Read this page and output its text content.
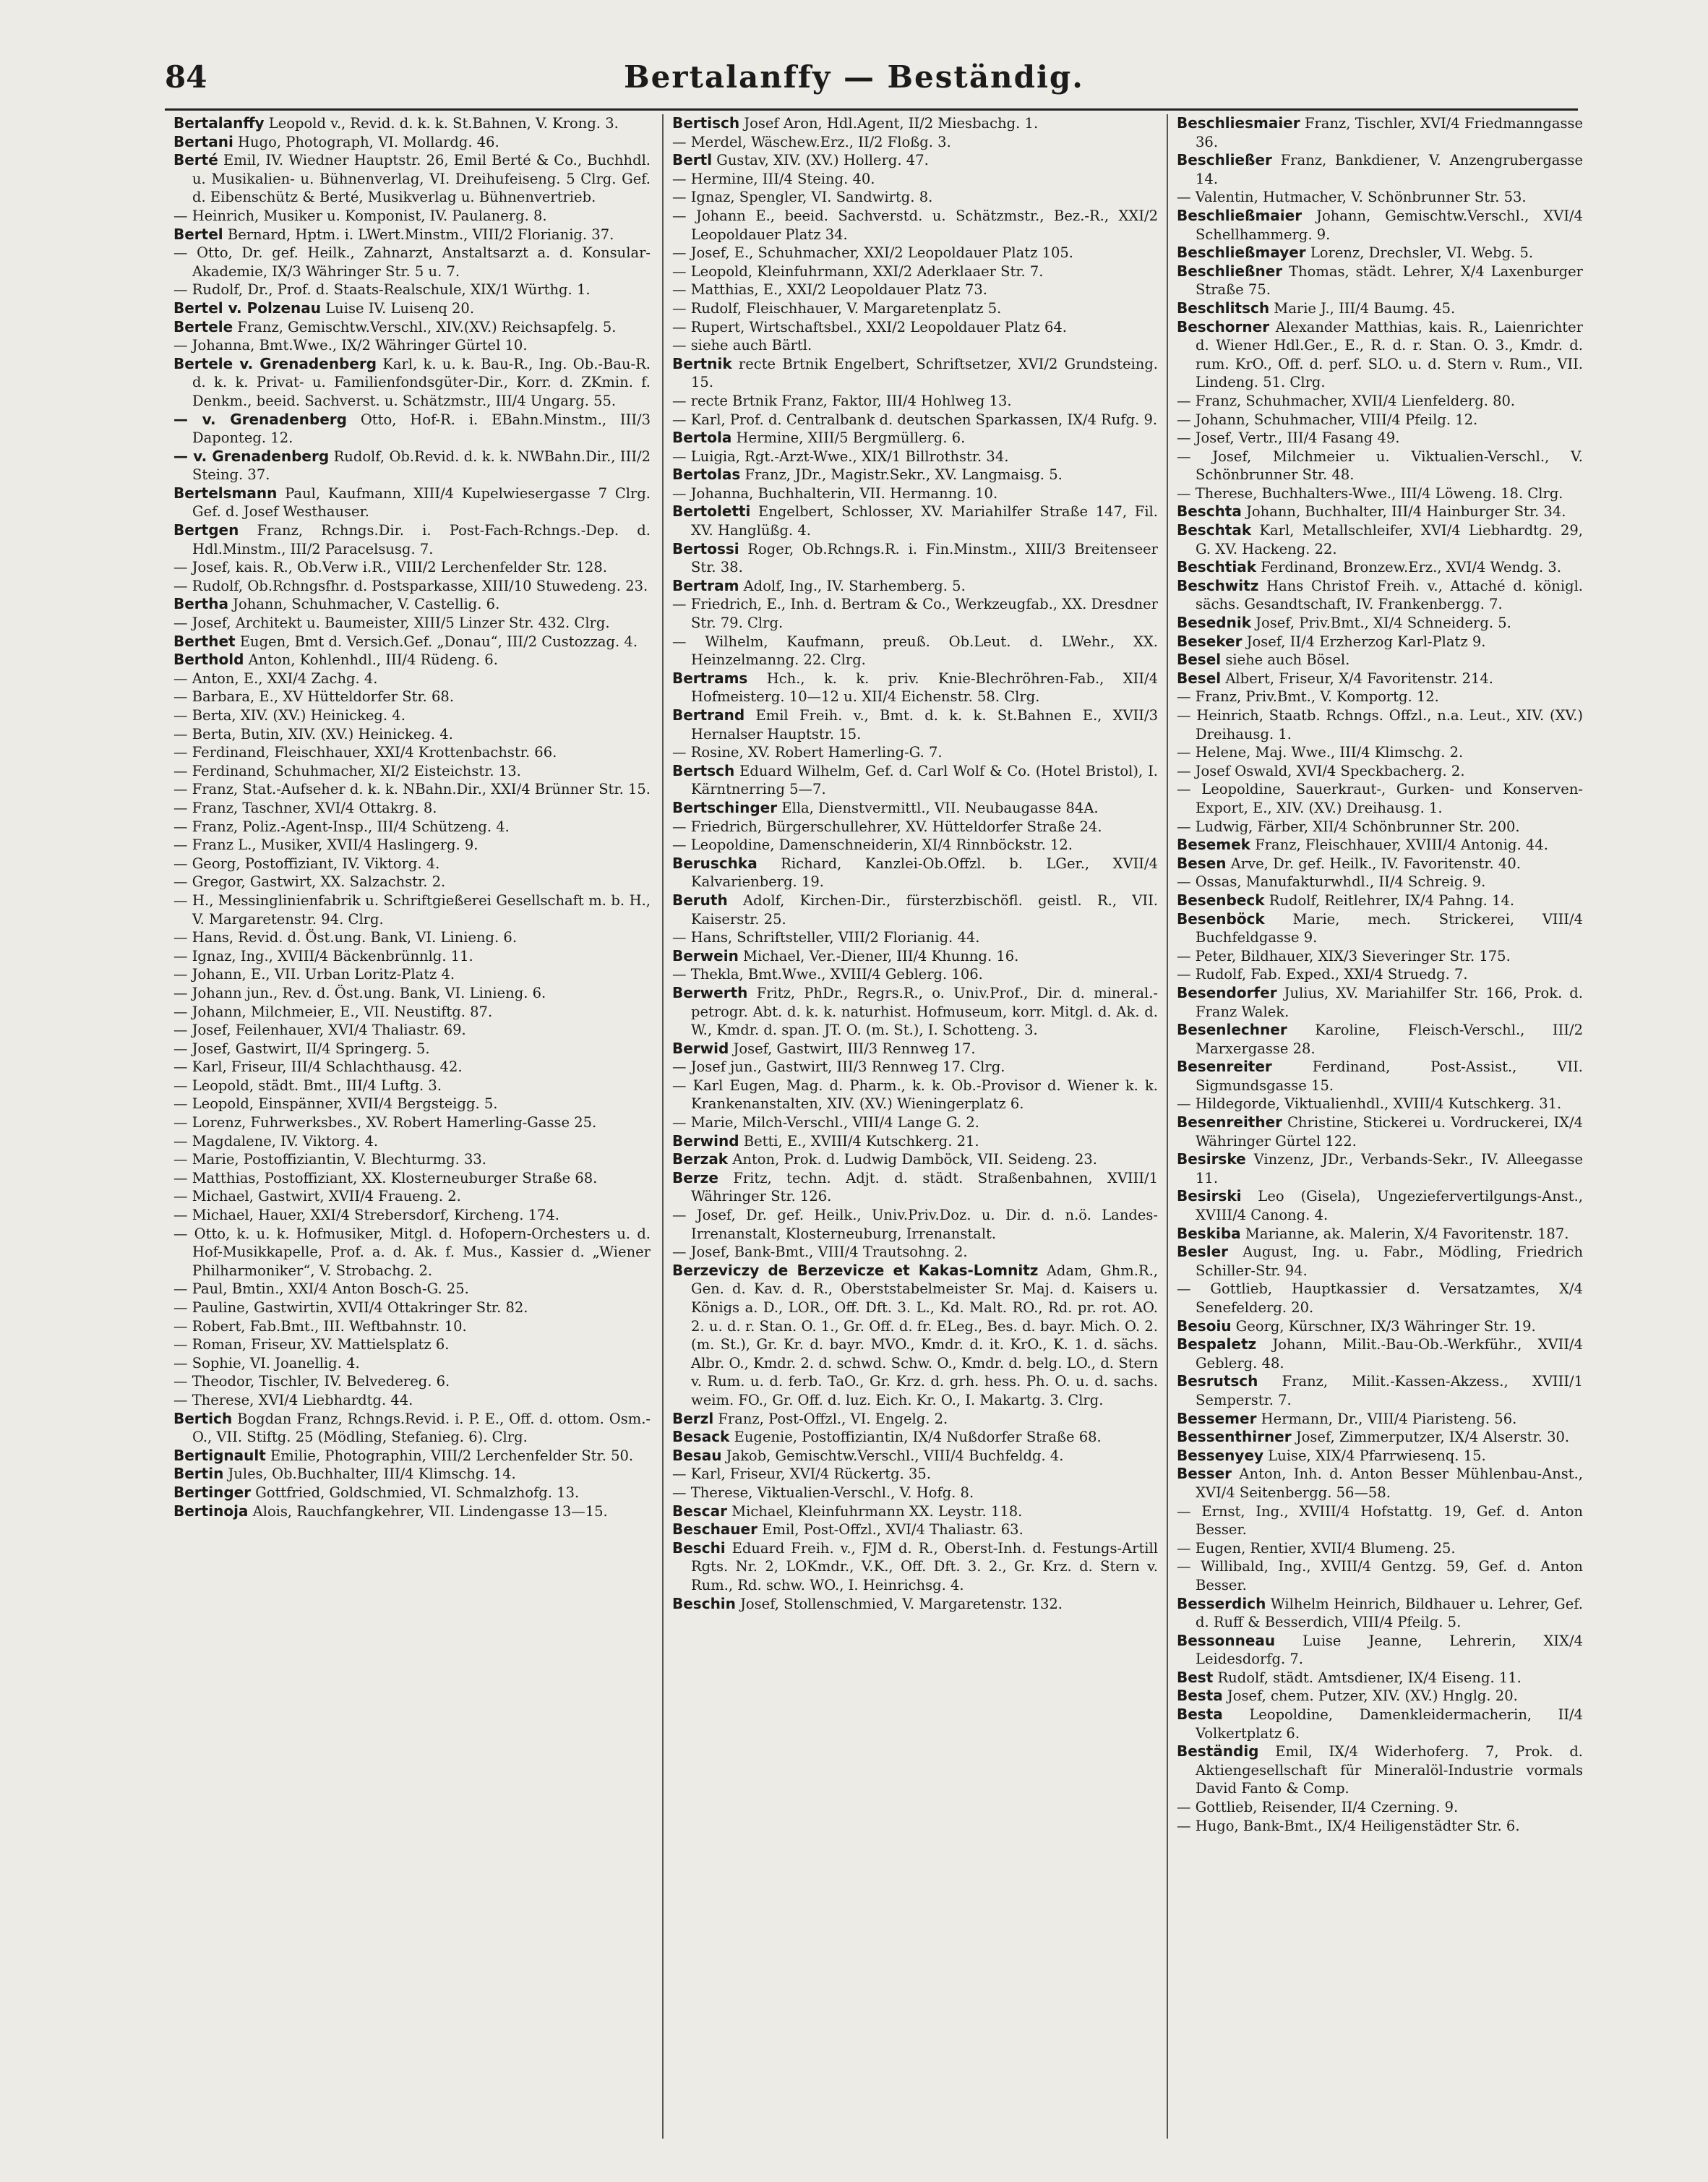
84	Bertalanffy — Beständig.

Bertalanffy Leopold v., Revid. d. k. k. St.Bahnen, V. Krong. 3.

Bertani Hugo, Photograph, VI. Mollardg. 46.

Berté Emil, IV. Wiedner Hauptstr. 26, Emil Berté & Co., Buchhdl. u. Musikalien- u. Bühnenverlag, VI. Dreihufeiseng. 5 Clrg. Gef. d. Eibenschütz & Berté, Musikverlag u. Bühnenvertrieb.

— Heinrich, Musiker u. Komponist, IV. Paulanerg. 8.

Bertel Bernard, Hptm. i. LWert.Minstm., VIII/2 Florianig. 37.

— Otto, Dr. gef. Heilk., Zahnarzt, Anstaltsarzt a. d. Konsular-Akademie, IX/3 Währinger Str. 5 u. 7.

— Rudolf, Dr., Prof. d. Staats-Realschule, XIX/1 Würthg. 1.

Bertel v. Polzenau Luise IV. Luisenq 20.

Bertele Franz, Gemischtw.Verschl., XIV.(XV.) Reichsapfelg. 5.

— Johanna, Bmt.Wwe., IX/2 Währinger Gürtel 10.

Bertele v. Grenadenberg Karl, k. u. k. Bau-R., Ing. Ob.-Bau-R. d. k. k. Privat- u. Familienfondsgüter-Dir., Korr. d. ZKmin. f. Denkm., beeid. Sachverst. u. Schätzmstr., III/4 Ungarg. 55.

— v. Grenadenberg Otto, Hof-R. i. EBahn.Minstm., III/3 Daponteg. 12.

— v. Grenadenberg Rudolf, Ob.Revid. d. k. k. NWBahn.Dir., III/2 Steing. 37.

Bertelsmann Paul, Kaufmann, XIII/4 Kupelwiesergasse 7 Clrg. Gef. d. Josef Westhauser.

Bertgen Franz, Rchngs.Dir. i. Post-Fach-Rchngs.-Dep. d. Hdl.Minstm., III/2 Paracelsusg. 7.

— Josef, kais. R., Ob.Verw i.R., VIII/2 Lerchenfelder Str. 128.

— Rudolf, Ob.Rchngsfhr. d. Postsparkasse, XIII/10 Stuwedeng. 23.

Bertha Johann, Schuhmacher, V. Castellig. 6.

— Josef, Architekt u. Baumeister, XIII/5 Linzer Str. 432. Clrg.

Berthet Eugen, Bmt d. Versich.Gef. „Donau“, III/2 Custozzag. 4.

Berthold Anton, Kohlenhdl., III/4 Rüdeng. 6.

— Anton, E., XXI/4 Zachg. 4.

— Barbara, E., XV Hütteldorfer Str. 68.

— Berta, XIV. (XV.) Heinickeg. 4.

— Berta, Butin, XIV. (XV.) Heinickeg. 4.

— Ferdinand, Fleischhauer, XXI/4 Krottenbachstr. 66.

— Ferdinand, Schuhmacher, XI/2 Eisteichstr. 13.

— Franz, Stat.-Aufseher d. k. k. NBahn.Dir., XXI/4 Brünner Str. 15.

— Franz, Taschner, XVI/4 Ottakrg. 8.

— Franz, Poliz.-Agent-Insp., III/4 Schützeng. 4.

— Franz L., Musiker, XVII/4 Haslingerg. 9.

— Georg, Postoffiziant, IV. Viktorg. 4.

— Gregor, Gastwirt, XX. Salzachstr. 2.

— H., Messinglinienfabrik u. Schriftgießerei Gesellschaft m. b. H., V. Margaretenstr. 94. Clrg.

— Hans, Revid. d. Öst.ung. Bank, VI. Linieng. 6.

— Ignaz, Ing., XVIII/4 Bäckenbrünnlg. 11.

— Johann, E., VII. Urban Loritz-Platz 4.

— Johann jun., Rev. d. Öst.ung. Bank, VI. Linieng. 6.

— Johann, Milchmeier, E., VII. Neustiftg. 87.

— Josef, Feilenhauer, XVI/4 Thaliastr. 69.

— Josef, Gastwirt, II/4 Springerg. 5.

— Karl, Friseur, III/4 Schlachthausg. 42.

— Leopold, städt. Bmt., III/4 Luftg. 3.

— Leopold, Einspänner, XVII/4 Bergsteigg. 5.

— Lorenz, Fuhrwerksbes., XV. Robert Hamerling-Gasse 25.

— Magdalene, IV. Viktorg. 4.

— Marie, Postoffiziantin, V. Blechturmg. 33.

— Matthias, Postoffiziant, XX. Klosterneuburger Straße 68.

— Michael, Gastwirt, XVII/4 Fraueng. 2.

— Michael, Hauer, XXI/4 Strebersdorf, Kircheng. 174.

— Otto, k. u. k. Hofmusiker, Mitgl. d. Hofopern-Orchesters u. d. Hof-Musikkapelle, Prof. a. d. Ak. f. Mus., Kassier d. „Wiener Philharmoniker“, V. Strobachg. 2.

— Paul, Bmtin., XXI/4 Anton Bosch-G. 25.

— Pauline, Gastwirtin, XVII/4 Ottakringer Str. 82.

— Robert, Fab.Bmt., III. Weftbahnstr. 10.

— Roman, Friseur, XV. Mattielsplatz 6.

— Sophie, VI. Joanellig. 4.

— Theodor, Tischler, IV. Belvedereg. 6.

— Therese, XVI/4 Liebhardtg. 44.

Bertich Bogdan Franz, Rchngs.Revid. i. P. E., Off. d. ottom. Osm.-O., VII. Stiftg. 25 (Mödling, Stefanieg. 6). Clrg.

Bertignault Emilie, Photographin, VIII/2 Lerchenfelder Str. 50.

Bertin Jules, Ob.Buchhalter, III/4 Klimschg. 14.

Bertinger Gottfried, Goldschmied, VI. Schmalzhofg. 13.

Bertinoja Alois, Rauchfangkehrer, VII. Lindengasse 13—15.

Bertisch Josef Aron, Hdl.Agent, II/2 Miesbachg. 1.

— Merdel, Wäschew.Erz., II/2 Floßg. 3.

Bertl Gustav, XIV. (XV.) Hollerg. 47.

— Hermine, III/4 Steing. 40.

— Ignaz, Spengler, VI. Sandwirtg. 8.

— Johann E., beeid. Sachverstd. u. Schätzmstr., Bez.-R., XXI/2 Leopoldauer Platz 34.

— Josef, E., Schuhmacher, XXI/2 Leopoldauer Platz 105.

— Leopold, Kleinfuhrmann, XXI/2 Aderklaaer Str. 7.

— Matthias, E., XXI/2 Leopoldauer Platz 73.

— Rudolf, Fleischhauer, V. Margaretenplatz 5.

— Rupert, Wirtschaftsbel., XXI/2 Leopoldauer Platz 64.

— siehe auch Bärtl.

Bertnik recte Brtnik Engelbert, Schriftsetzer, XVI/2 Grundsteing. 15.

— recte Brtnik Franz, Faktor, III/4 Hohlweg 13.

— Karl, Prof. d. Centralbank d. deutschen Sparkassen, IX/4 Rufg. 9.

Bertola Hermine, XIII/5 Bergmüllerg. 6.

— Luigia, Rgt.-Arzt-Wwe., XIX/1 Billrothstr. 34.

Bertolas Franz, JDr., Magistr.Sekr., XV. Langmaisg. 5.

— Johanna, Buchhalterin, VII. Hermanng. 10.

Bertoletti Engelbert, Schlosser, XV. Mariahilfer Straße 147, Fil. XV. Hanglüßg. 4.

Bertossi Roger, Ob.Rchngs.R. i. Fin.Minstm., XIII/3 Breitenseer Str. 38.

Bertram Adolf, Ing., IV. Starhemberg. 5.

— Friedrich, E., Inh. d. Bertram & Co., Werkzeugfab., XX. Dresdner Str. 79. Clrg.

— Wilhelm, Kaufmann, preuß. Ob.Leut. d. LWehr., XX. Heinzelmanng. 22. Clrg.

Bertrams Hch., k. k. priv. Knie-Blechröhren-Fab., XII/4 Hofmeisterg. 10—12 u. XII/4 Eichenstr. 58. Clrg.

Bertrand Emil Freih. v., Bmt. d. k. k. St.Bahnen E., XVII/3 Hernalser Hauptstr. 15.

— Rosine, XV. Robert Hamerling-G. 7.

Bertsch Eduard Wilhelm, Gef. d. Carl Wolf & Co. (Hotel Bristol), I. Kärntnerring 5—7.

Bertschinger Ella, Dienstvermittl., VII. Neubaugasse 84A.

— Friedrich, Bürgerschullehrer, XV. Hütteldorfer Straße 24.

— Leopoldine, Damenschneiderin, XI/4 Rinnböckstr. 12.

Beruschka Richard, Kanzlei-Ob.Offzl. b. LGer., XVII/4 Kalvarienberg. 19.

Beruth Adolf, Kirchen-Dir., fürsterzbischöfl. geistl. R., VII. Kaiserstr. 25.

— Hans, Schriftsteller, VIII/2 Florianig. 44.

Berwein Michael, Ver.-Diener, III/4 Khunng. 16.

— Thekla, Bmt.Wwe., XVIII/4 Geblerg. 106.

Berwerth Fritz, PhDr., Regrs.R., o. Univ.Prof., Dir. d. mineral.-petrogr. Abt. d. k. k. naturhist. Hofmuseum, korr. Mitgl. d. Ak. d. W., Kmdr. d. span. JT. O. (m. St.), I. Schotteng. 3.

Berwid Josef, Gastwirt, III/3 Rennweg 17.

— Josef jun., Gastwirt, III/3 Rennweg 17. Clrg.

— Karl Eugen, Mag. d. Pharm., k. k. Ob.-Provisor d. Wiener k. k. Krankenanstalten, XIV. (XV.) Wieningerplatz 6.

— Marie, Milch-Verschl., VIII/4 Lange G. 2.

Berwind Betti, E., XVIII/4 Kutschkerg. 21.

Berzak Anton, Prok. d. Ludwig Damböck, VII. Seideng. 23.

Berze Fritz, techn. Adjt. d. städt. Straßenbahnen, XVIII/1 Währinger Str. 126.

— Josef, Dr. gef. Heilk., Univ.Priv.Doz. u. Dir. d. n.ö. Landes-Irrenanstalt, Klosterneuburg, Irrenanstalt.

— Josef, Bank-Bmt., VIII/4 Trautsohng. 2.

Berzeviczy de Berzevicze et Kakas-Lomnitz Adam, Ghm.R., Gen. d. Kav. d. R., Oberststabelmeister Sr. Maj. d. Kaisers u. Königs a. D., LOR., Off. Dft. 3. L., Kd. Malt. RO., Rd. pr. rot. AO. 2. u. d. r. Stan. O. 1., Gr. Off. d. fr. ELeg., Bes. d. bayr. Mich. O. 2. (m. St.), Gr. Kr. d. bayr. MVO., Kmdr. d. it. KrO., K. 1. d. sächs. Albr. O., Kmdr. 2. d. schwd. Schw. O., Kmdr. d. belg. LO., d. Stern v. Rum. u. d. ferb. TaO., Gr. Krz. d. grh. hess. Ph. O. u. d. sachs. weim. FO., Gr. Off. d. luz. Eich. Kr. O., I. Makartg. 3. Clrg.

Berzl Franz, Post-Offzl., VI. Engelg. 2.

Besack Eugenie, Postoffiziantin, IX/4 Nußdorfer Straße 68.

Besau Jakob, Gemischtw.Verschl., VIII/4 Buchfeldg. 4.

— Karl, Friseur, XVI/4 Rückertg. 35.

— Therese, Viktualien-Verschl., V. Hofg. 8.

Bescar Michael, Kleinfuhrmann XX. Leystr. 118.

Beschauer Emil, Post-Offzl., XVI/4 Thaliastr. 63.

Beschi Eduard Freih. v., FJM d. R., Oberst-Inh. d. Festungs-Artill Rgts. Nr. 2, LOKmdr., V.K., Off. Dft. 3. 2., Gr. Krz. d. Stern v. Rum., Rd. schw. WO., I. Heinrichsg. 4.

Beschin Josef, Stollenschmied, V. Margaretenstr. 132.

Beschliesmaier Franz, Tischler, XVI/4 Friedmanngasse 36.

Beschließer Franz, Bankdiener, V. Anzengrubergasse 14.

— Valentin, Hutmacher, V. Schönbrunner Str. 53.

Beschließmaier Johann, Gemischtw.Verschl., XVI/4 Schellhammerg. 9.

Beschließmayer Lorenz, Drechsler, VI. Webg. 5.

Beschließner Thomas, städt. Lehrer, X/4 Laxenburger Straße 75.

Beschlitsch Marie J., III/4 Baumg. 45.

Beschorner Alexander Matthias, kais. R., Laienrichter d. Wiener Hdl.Ger., E., R. d. r. Stan. O. 3., Kmdr. d. rum. KrO., Off. d. perf. SLO. u. d. Stern v. Rum., VII. Lindeng. 51. Clrg.

— Franz, Schuhmacher, XVII/4 Lienfelderg. 80.

— Johann, Schuhmacher, VIII/4 Pfeilg. 12.

— Josef, Vertr., III/4 Fasang 49.

— Josef, Milchmeier u. Viktualien-Verschl., V. Schönbrunner Str. 48.

— Therese, Buchhalters-Wwe., III/4 Löweng. 18. Clrg.

Beschta Johann, Buchhalter, III/4 Hainburger Str. 34.

Beschtak Karl, Metallschleifer, XVI/4 Liebhardtg. 29, G. XV. Hackeng. 22.

Beschtiak Ferdinand, Bronzew.Erz., XVI/4 Wendg. 3.

Beschwitz Hans Christof Freih. v., Attaché d. königl. sächs. Gesandtschaft, IV. Frankenbergg. 7.

Besednik Josef, Priv.Bmt., XI/4 Schneiderg. 5.

Beseker Josef, II/4 Erzherzog Karl-Platz 9.

Besel siehe auch Bösel.

Besel Albert, Friseur, X/4 Favoritenstr. 214.

— Franz, Priv.Bmt., V. Komportg. 12.

— Heinrich, Staatb. Rchngs. Offzl., n.a. Leut., XIV. (XV.) Dreihausg. 1.

— Helene, Maj. Wwe., III/4 Klimschg. 2.

— Josef Oswald, XVI/4 Speckbacherg. 2.

— Leopoldine, Sauerkraut-, Gurken- und Konserven-Export, E., XIV. (XV.) Dreihausg. 1.

— Ludwig, Färber, XII/4 Schönbrunner Str. 200.

Besemek Franz, Fleischhauer, XVIII/4 Antonig. 44.

Besen Arve, Dr. gef. Heilk., IV. Favoritenstr. 40.

— Ossas, Manufakturwhdl., II/4 Schreig. 9.

Besenbeck Rudolf, Reitlehrer, IX/4 Pahng. 14.

Besenböck Marie, mech. Strickerei, VIII/4 Buchfeldgasse 9.

— Peter, Bildhauer, XIX/3 Sieveringer Str. 175.

— Rudolf, Fab. Exped., XXI/4 Struedg. 7.

Besendorfer Julius, XV. Mariahilfer Str. 166, Prok. d. Franz Walek.

Besenlechner Karoline, Fleisch-Verschl., III/2 Marxergasse 28.

Besenreiter	Ferdinand, Post-Assist., VII. Sigmundsgasse 15.

— Hildegorde, Viktualienhdl., XVIII/4 Kutschkerg. 31.

Besenreither Christine, Stickerei u. Vordruckerei, IX/4 Währinger Gürtel 122.

Besirske Vinzenz, JDr., Verbands-Sekr., IV. Alleegasse 11.

Besirski Leo (Gisela), Ungeziefervertilgungs-Anst., XVIII/4 Canong. 4.

Beskiba Marianne, ak. Malerin, X/4 Favoritenstr. 187.

Besler August, Ing. u. Fabr., Mödling, Friedrich Schiller-Str. 94.

— Gottlieb, Hauptkassier d. Versatzamtes, X/4 Senefelderg. 20.

Besoiu Georg, Kürschner, IX/3 Währinger Str. 19.

Bespaletz Johann, Milit.-Bau-Ob.-Werkführ., XVII/4 Geblerg. 48.

Besrutsch Franz, Milit.-Kassen-Akzess., XVIII/1 Semperstr. 7.

Bessemer Hermann, Dr., VIII/4 Piaristeng. 56.

Bessenthirner Josef, Zimmerputzer, IX/4 Alserstr. 30.

Bessenyey Luise, XIX/4 Pfarrwiesenq. 15.

Besser Anton, Inh. d. Anton Besser Mühlenbau-Anst., XVI/4 Seitenbergg. 56—58.

— Ernst, Ing., XVIII/4 Hofstattg. 19, Gef. d. Anton Besser.

— Eugen, Rentier, XVII/4 Blumeng. 25.

— Willibald, Ing., XVIII/4 Gentzg. 59, Gef. d. Anton Besser.

Besserdich Wilhelm Heinrich, Bildhauer u. Lehrer, Gef. d. Ruff & Besserdich, VIII/4 Pfeilg. 5.

Bessonneau Luise Jeanne, Lehrerin, XIX/4 Leidesdorfg. 7.

Best Rudolf, städt. Amtsdiener, IX/4 Eiseng. 11.

Besta Josef, chem. Putzer, XIV. (XV.) Hnglg. 20.

Besta Leopoldine, Damenkleidermacherin, II/4 Volkertplatz 6.

Beständig Emil, IX/4 Widerhoferg. 7, Prok. d. Aktiengesellschaft für Mineralöl-Industrie vormals David Fanto & Comp.

— Gottlieb, Reisender, II/4 Czerning. 9.

— Hugo, Bank-Bmt., IX/4 Heiligenstädter Str. 6.
